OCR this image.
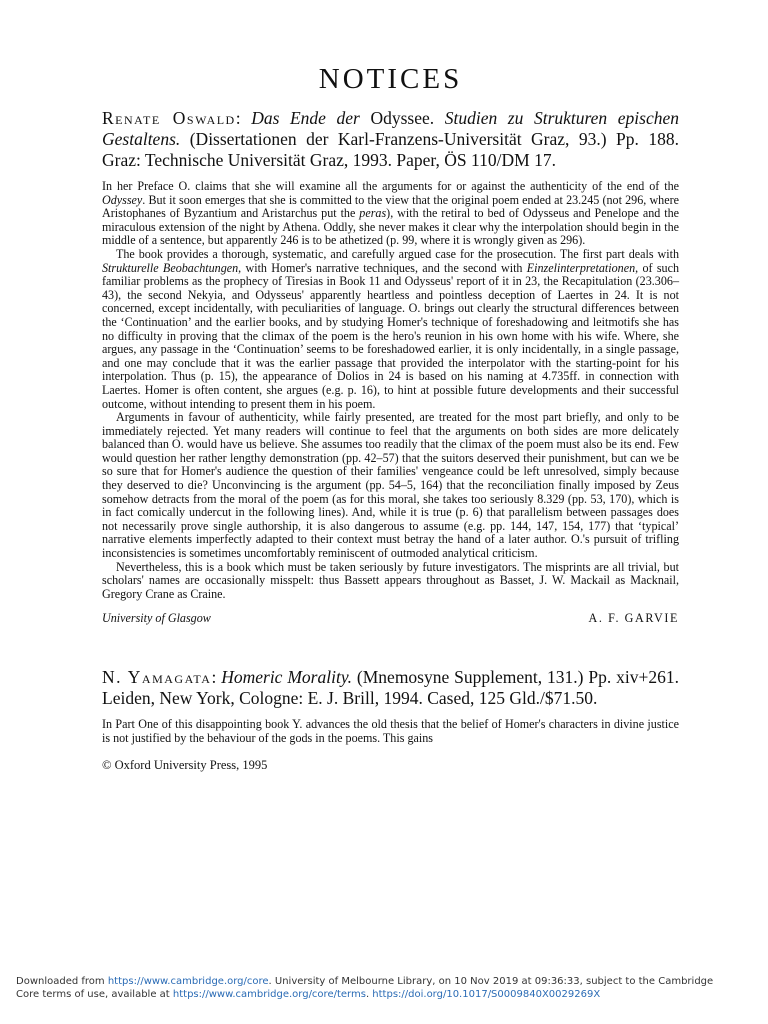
NOTICES
Renate Oswald: Das Ende der Odyssee. Studien zu Strukturen epischen Gestaltens. (Dissertationen der Karl-Franzens-Universität Graz, 93.) Pp. 188. Graz: Technische Universität Graz, 1993. Paper, ÖS 110/DM 17.

In her Preface O. claims that she will examine all the arguments for or against the authenticity of the end of the Odyssey. But it soon emerges that she is committed to the view that the original poem ended at 23.245 (not 296, where Aristophanes of Byzantium and Aristarchus put the peras), with the retiral to bed of Odysseus and Penelope and the miraculous extension of the night by Athena. Oddly, she never makes it clear why the interpolation should begin in the middle of a sentence, but apparently 246 is to be athetized (p. 99, where it is wrongly given as 296).

The book provides a thorough, systematic, and carefully argued case for the prosecution. The first part deals with Strukturelle Beobachtungen, with Homer's narrative techniques, and the second with Einzelinterpretationen, of such familiar problems as the prophecy of Tiresias in Book 11 and Odysseus' report of it in 23, the Recapitulation (23.306–43), the second Nekyia, and Odysseus' apparently heartless and pointless deception of Laertes in 24. It is not concerned, except incidentally, with peculiarities of language. O. brings out clearly the structural differences between the ‘Continuation’ and the earlier books, and by studying Homer's technique of foreshadowing and leitmotifs she has no difficulty in proving that the climax of the poem is the hero's reunion in his own home with his wife. Where, she argues, any passage in the ‘Continuation’ seems to be foreshadowed earlier, it is only incidentally, in a single passage, and one may conclude that it was the earlier passage that provided the interpolator with the starting-point for his interpolation. Thus (p. 15), the appearance of Dolios in 24 is based on his naming at 4.735ff. in connection with Laertes. Homer is often content, she argues (e.g. p. 16), to hint at possible future developments and their successful outcome, without intending to present them in his poem.

Arguments in favour of authenticity, while fairly presented, are treated for the most part briefly, and only to be immediately rejected. Yet many readers will continue to feel that the arguments on both sides are more delicately balanced than O. would have us believe. She assumes too readily that the climax of the poem must also be its end. Few would question her rather lengthy demonstration (pp. 42–57) that the suitors deserved their punishment, but can we be so sure that for Homer's audience the question of their families' vengeance could be left unresolved, simply because they deserved to die? Unconvincing is the argument (pp. 54–5, 164) that the reconciliation finally imposed by Zeus somehow detracts from the moral of the poem (as for this moral, she takes too seriously 8.329 (pp. 53, 170), which is in fact comically undercut in the following lines). And, while it is true (p. 6) that parallelism between passages does not necessarily prove single authorship, it is also dangerous to assume (e.g. pp. 144, 147, 154, 177) that ‘typical’ narrative elements imperfectly adapted to their context must betray the hand of a later author. O.'s pursuit of trifling inconsistencies is sometimes uncomfortably reminiscent of outmoded analytical criticism.

Nevertheless, this is a book which must be taken seriously by future investigators. The misprints are all trivial, but scholars' names are occasionally misspelt: thus Bassett appears throughout as Basset, J. W. Mackail as Macknail, Gregory Crane as Craine.

University of Glasgow	A. F. GARVIE
N. Yamagata: Homeric Morality. (Mnemosyne Supplement, 131.) Pp. xiv+261. Leiden, New York, Cologne: E. J. Brill, 1994. Cased, 125 Gld./$71.50.

In Part One of this disappointing book Y. advances the old thesis that the belief of Homer's characters in divine justice is not justified by the behaviour of the gods in the poems. This gains

© Oxford University Press, 1995
Downloaded from https://www.cambridge.org/core. University of Melbourne Library, on 10 Nov 2019 at 09:36:33, subject to the Cambridge
Core terms of use, available at https://www.cambridge.org/core/terms. https://doi.org/10.1017/S0009840X0029269X
